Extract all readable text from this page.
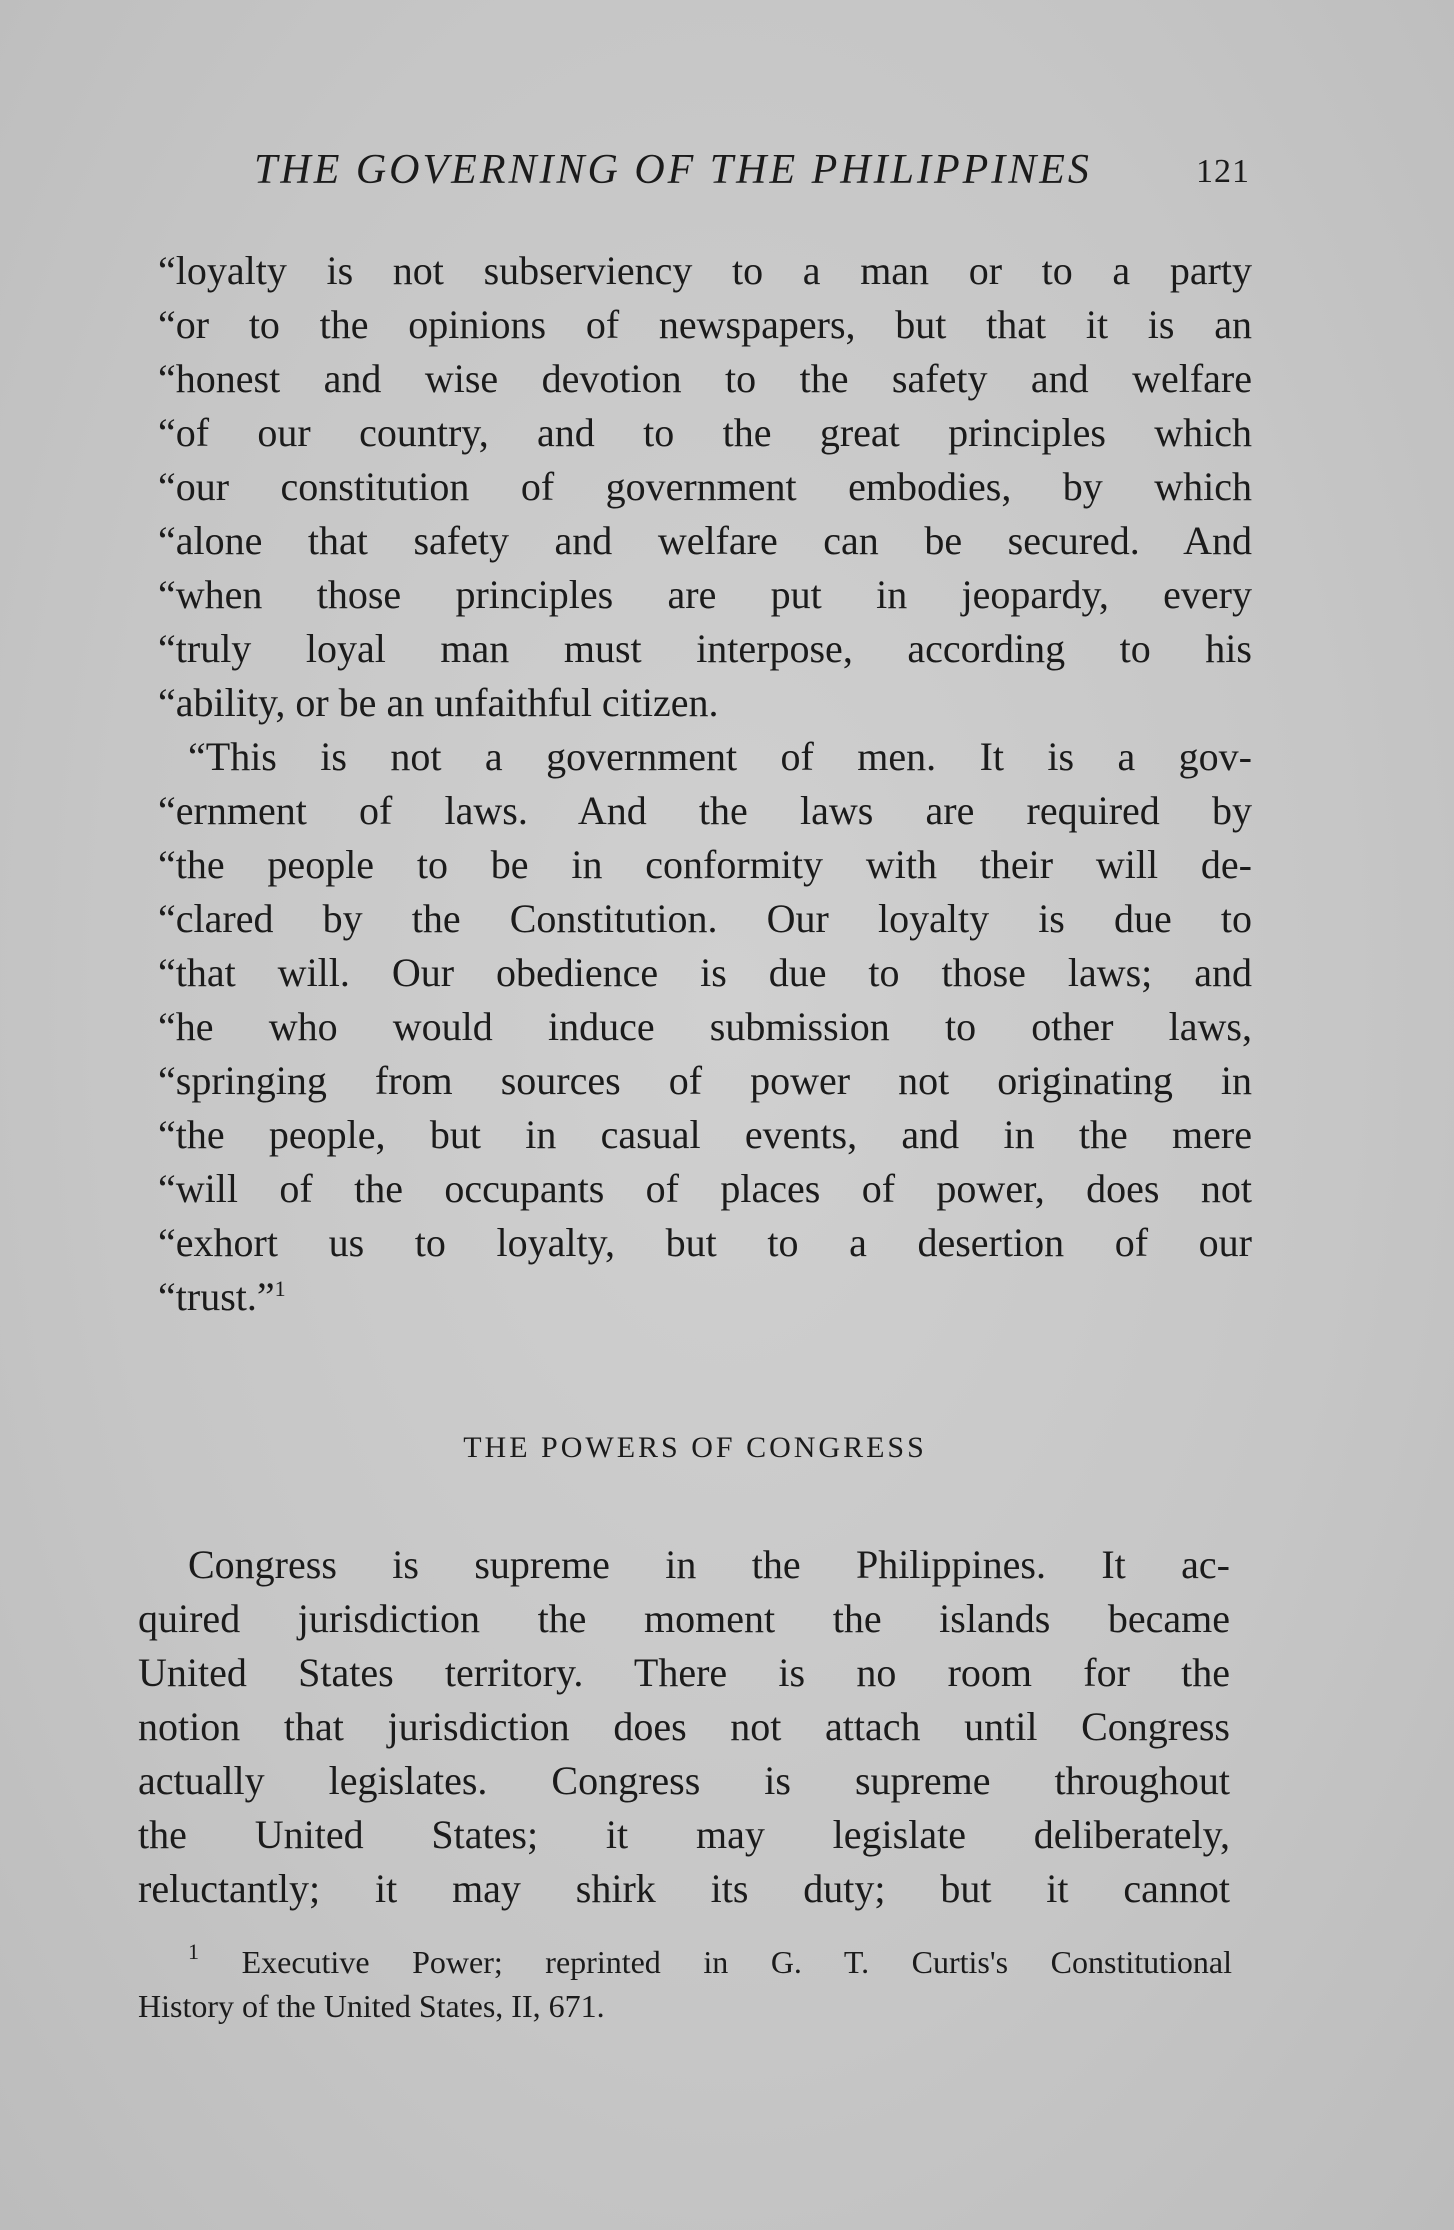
THE GOVERNING OF THE PHILIPPINES	121
“loyalty is not subserviency to a man or to a party
“or to the opinions of newspapers, but that it is an
“honest and wise devotion to the safety and welfare
“of our country, and to the great principles which
“our constitution of government embodies, by which
“alone that safety and welfare can be secured. And
“when those principles are put in jeopardy, every
“truly loyal man must interpose, according to his
“ability, or be an unfaithful citizen.
“This is not a government of men. It is a gov-
“ernment of laws. And the laws are required by
“the people to be in conformity with their will de-
“clared by the Constitution. Our loyalty is due to
“that will. Our obedience is due to those laws; and
“he who would induce submission to other laws,
“springing from sources of power not originating in
“the people, but in casual events, and in the mere
“will of the occupants of places of power, does not
“exhort us to loyalty, but to a desertion of our
“trust.”$^1$
THE POWERS OF CONGRESS
Congress is supreme in the Philippines. It ac-
quired jurisdiction the moment the islands became
United States territory. There is no room for the
notion that jurisdiction does not attach until Congress
actually legislates. Congress is supreme throughout
the United States; it may legislate deliberately,
reluctantly; it may shirk its duty; but it cannot
$^1$ Executive Power; reprinted in G. T. Curtis's Constitutional
History of the United States, II, 671.
